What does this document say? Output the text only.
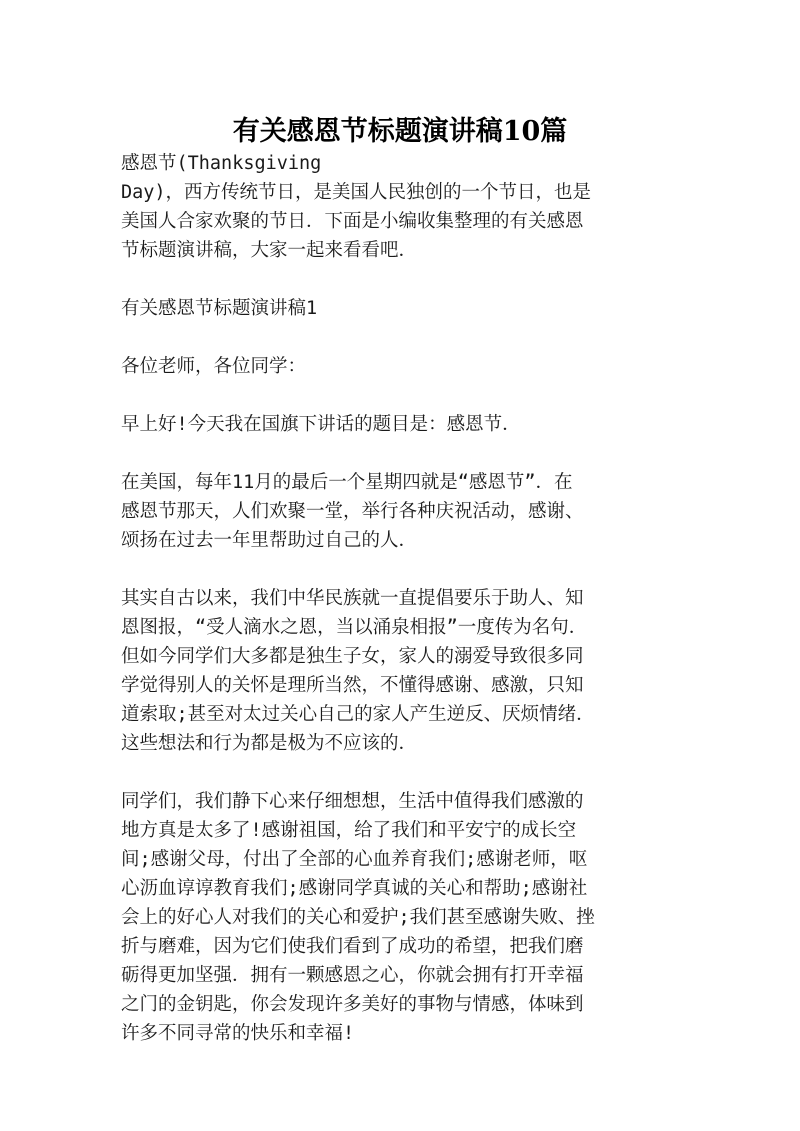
有关感恩节标题演讲稿10篇
感恩节(Thanksgiving
Day)，西方传统节日，是美国人民独创的一个节日，也是
美国人合家欢聚的节日．下面是小编收集整理的有关感恩
节标题演讲稿，大家一起来看看吧．
有关感恩节标题演讲稿1
各位老师，各位同学：
早上好!今天我在国旗下讲话的题目是：感恩节．
在美国，每年11月的最后一个星期四就是“感恩节”．在
感恩节那天，人们欢聚一堂，举行各种庆祝活动，感谢、
颂扬在过去一年里帮助过自己的人．
其实自古以来，我们中华民族就一直提倡要乐于助人、知
恩图报，“受人滴水之恩，当以涌泉相报”一度传为名句．
但如今同学们大多都是独生子女，家人的溺爱导致很多同
学觉得别人的关怀是理所当然，不懂得感谢、感激，只知
道索取;甚至对太过关心自己的家人产生逆反、厌烦情绪．
这些想法和行为都是极为不应该的．
同学们，我们静下心来仔细想想，生活中值得我们感激的
地方真是太多了!感谢祖国，给了我们和平安宁的成长空
间;感谢父母，付出了全部的心血养育我们;感谢老师，呕
心沥血谆谆教育我们;感谢同学真诚的关心和帮助;感谢社
会上的好心人对我们的关心和爱护;我们甚至感谢失败、挫
折与磨难，因为它们使我们看到了成功的希望，把我们磨
砺得更加坚强．拥有一颗感恩之心，你就会拥有打开幸福
之门的金钥匙，你会发现许多美好的事物与情感，体味到
许多不同寻常的快乐和幸福!
